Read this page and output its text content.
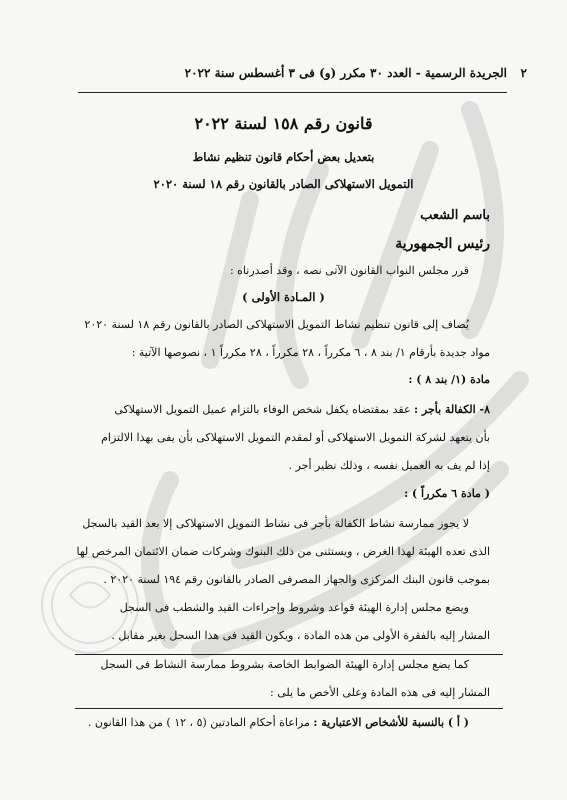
٢
الجريدة الرسمية - العدد ٣٠ مكرر (و) فى ٣ أغسطس سنة ٢٠٢٢
قانون رقم ١٥٨ لسنة ٢٠٢٢
بتعديل بعض أحكام قانون تنظيم نشاط
التمويل الاستهلاكى الصادر بالقانون رقم ١٨ لسنة ٢٠٢٠
باسم الشعب
رئيس الجمهورية
قرر مجلس النواب القانون الآتى نصه ، وقد أصدرناه :
( المـادة الأولى )
يُضاف إلى قانون تنظيم نشاط التمويل الاستهلاكى الصادر بالقانون رقم ١٨ لسنة ٢٠٢٠
مواد جديدة بأرقام ١/ بند ٨ ، ٦ مكرراً ، ٢٨ مكرراً ، ٢٨ مكرراً ١ ، نصوصها الآتية :
مادة (١/ بند ٨ ) :
٨- الكفالة بأجر : عقد بمقتضاه يكفل شخص الوفاء بالتزام عميل التمويل الاستهلاكى
بأن يتعهد لشركة التمويل الاستهلاكى أو لمقدم التمويل الاستهلاكى بأن يفى بهذا الالتزام
إذا لم يف به العميل نفسه ، وذلك نظير أجر .
( مادة ٦ مكرراً ) :
لا يجوز ممارسة نشاط الكفالة بأجر فى نشاط التمويل الاستهلاكى إلا بعد القيد بالسجل
الذى تعده الهيئة لهذا الغرض ، ويستثنى من ذلك البنوك وشركات ضمان الائتمان المرخص لها
بموجب قانون البنك المركزى والجهاز المصرفى الصادر بالقانون رقم ١٩٤ لسنة ٢٠٢٠ .
ويضع مجلس إدارة الهيئة قواعد وشروط وإجراءات القيد والشطب فى السجل
المشار إليه بالفقرة الأولى من هذه المادة ، ويكون القيد فى هذا السجل بغير مقابل .
كما يضع مجلس إدارة الهيئة الضوابط الخاصة بشروط ممارسة النشاط فى السجل
المشار إليه فى هذه المادة وعلى الأخص ما يلى :
( أ ) بالنسبة للأشخاص الاعتبارية : مراعاة أحكام المادتين (٥ ، ١٢ ) من هذا القانون .
